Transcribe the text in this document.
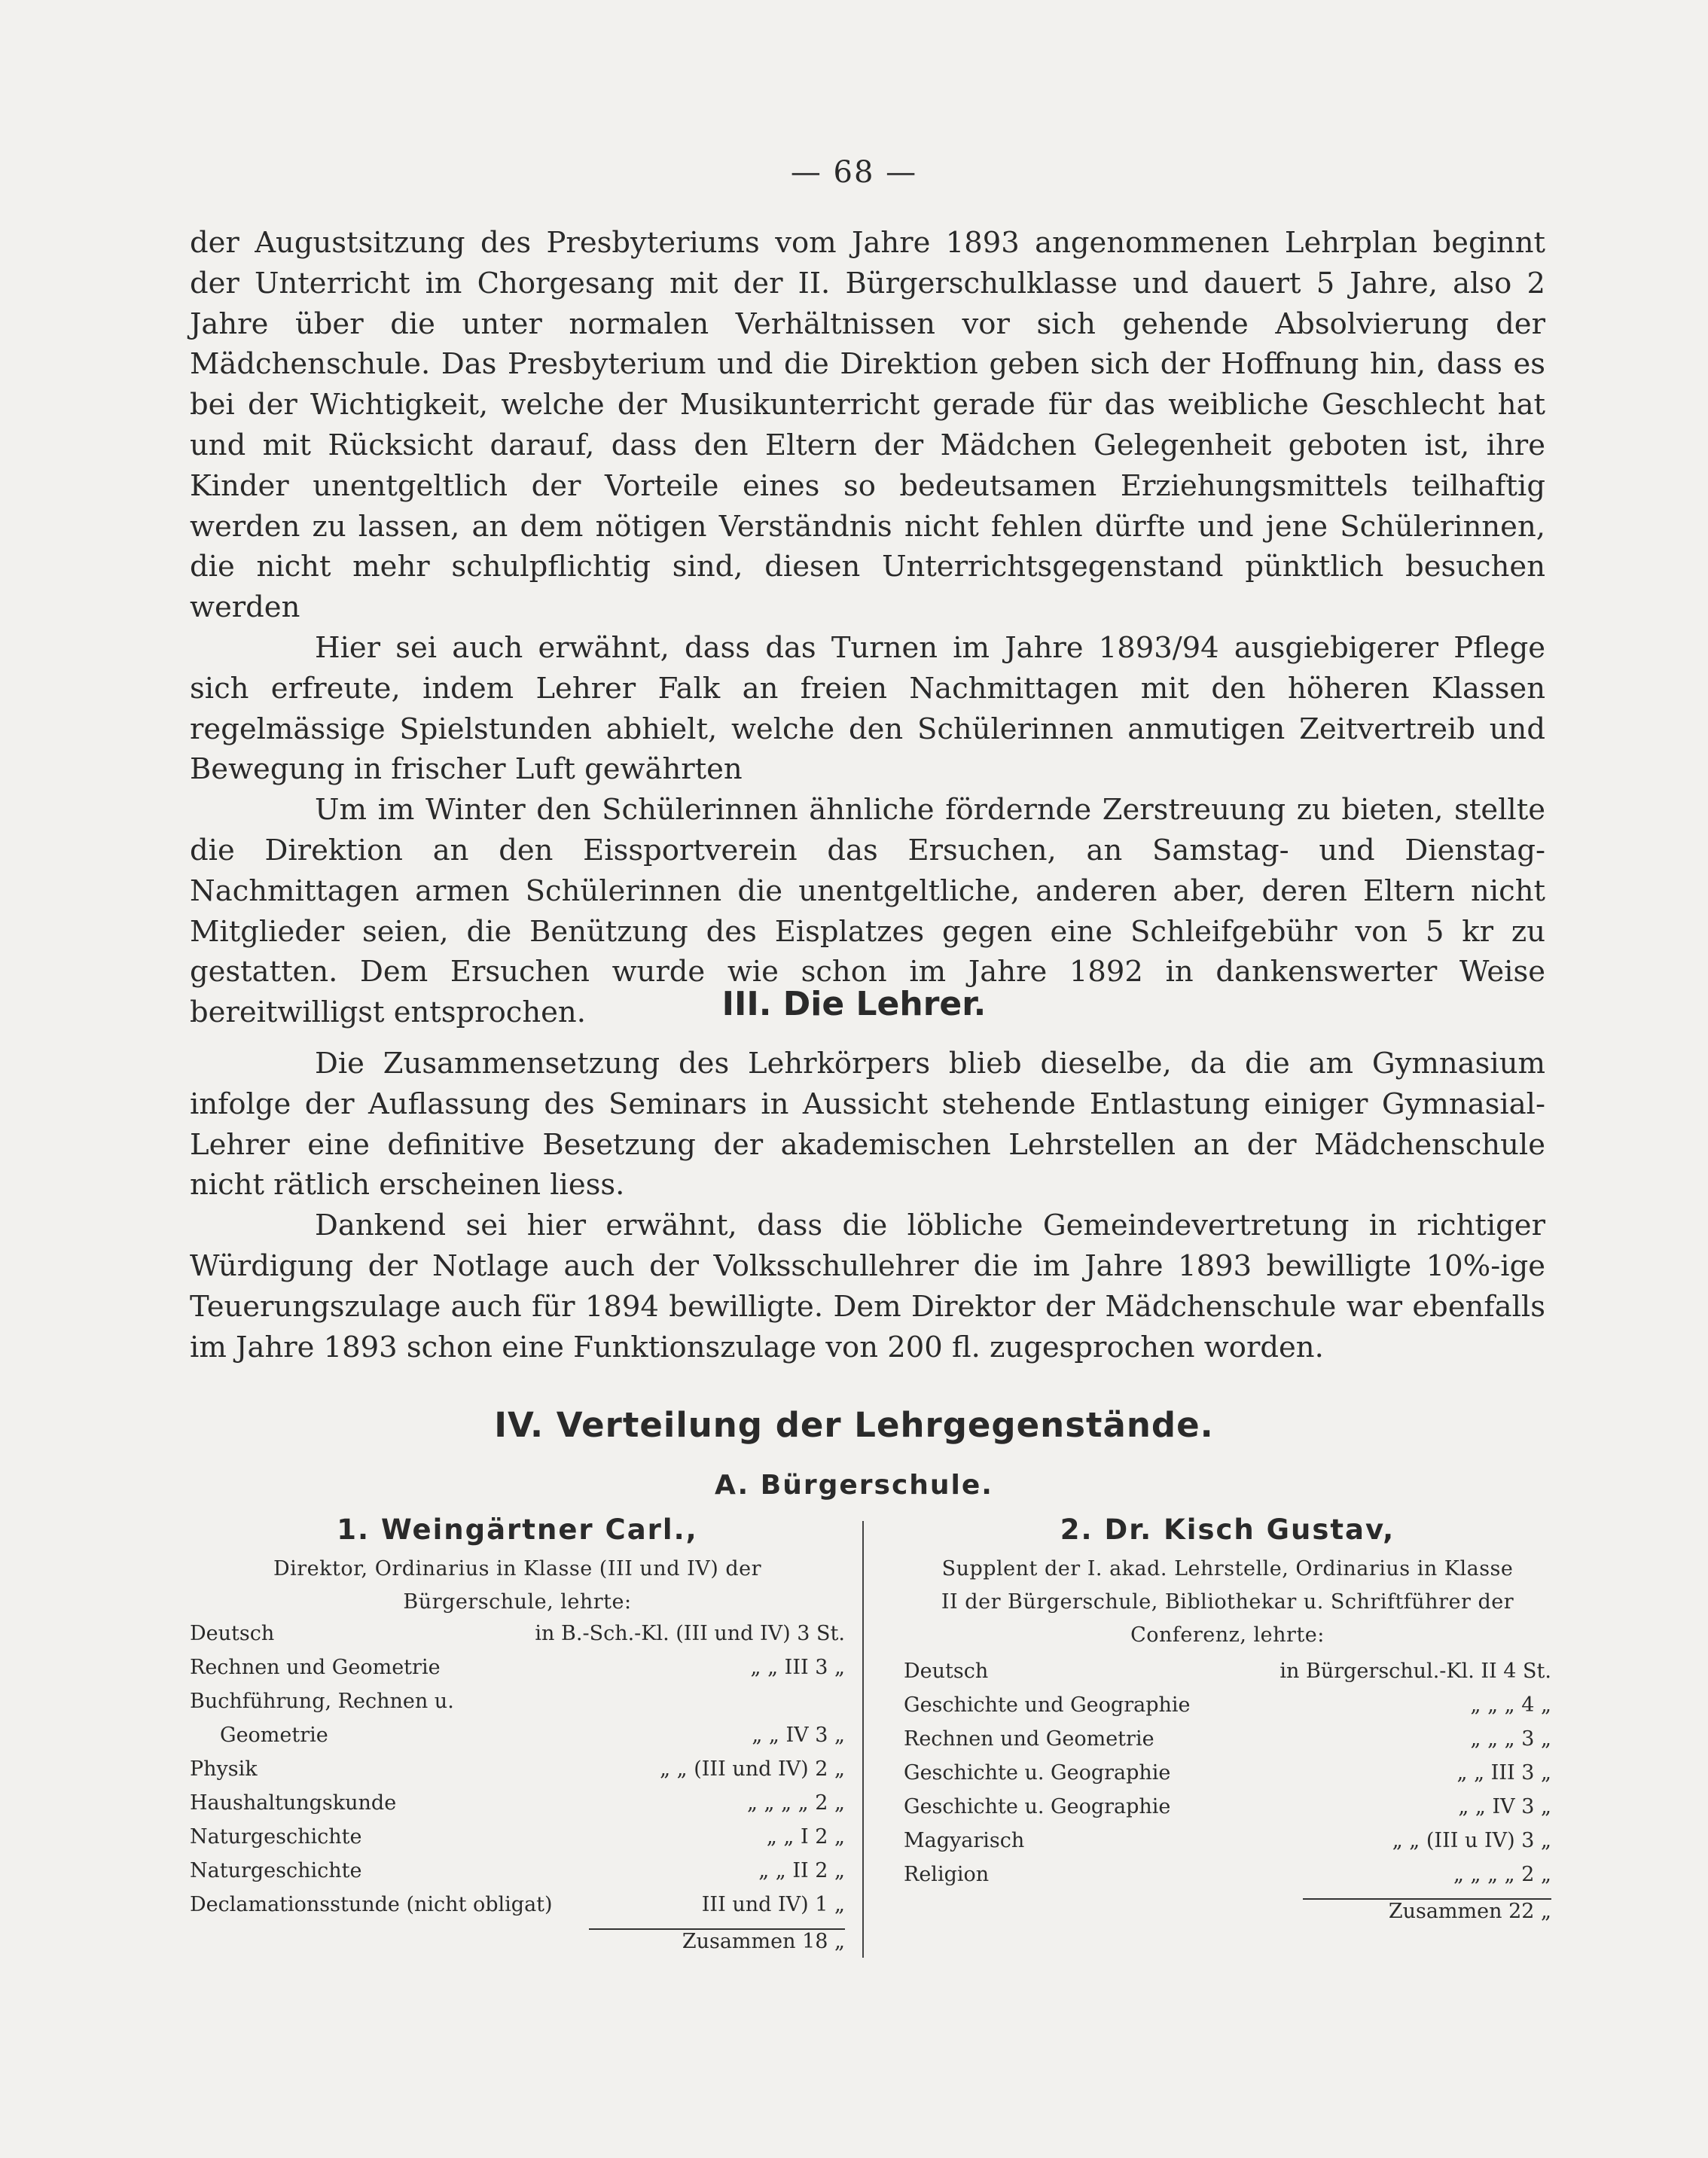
— 68 —

der Augustsitzung des Presbyteriums vom Jahre 1893 angenommenen Lehrplan beginnt der Unterricht im Chorgesang mit der II. Bürgerschulklasse und dauert 5 Jahre, also 2 Jahre über die unter normalen Verhältnissen vor sich gehende Absolvierung der Mädchenschule. Das Presbyterium und die Direktion geben sich der Hoffnung hin, dass es bei der Wichtigkeit, welche der Musikunterricht gerade für das weibliche Geschlecht hat und mit Rücksicht darauf, dass den Eltern der Mädchen Gelegenheit geboten ist, ihre Kinder unentgeltlich der Vorteile eines so bedeutsamen Erziehungsmittels teilhaftig werden zu lassen, an dem nötigen Verständnis nicht fehlen dürfte und jene Schülerinnen, die nicht mehr schulpflichtig sind, diesen Unterrichtsgegenstand pünktlich besuchen werden

Hier sei auch erwähnt, dass das Turnen im Jahre 1893/94 ausgiebigerer Pflege sich erfreute, indem Lehrer Falk an freien Nachmittagen mit den höheren Klassen regelmässige Spielstunden abhielt, welche den Schülerinnen anmutigen Zeitvertreib und Bewegung in frischer Luft gewährten

Um im Winter den Schülerinnen ähnliche fördernde Zerstreuung zu bieten, stellte die Direktion an den Eissportverein das Ersuchen, an Samstag- und Dienstag-Nachmittagen armen Schülerinnen die unentgeltliche, anderen aber, deren Eltern nicht Mitglieder seien, die Benützung des Eisplatzes gegen eine Schleifgebühr von 5 kr zu gestatten. Dem Ersuchen wurde wie schon im Jahre 1892 in dankenswerter Weise bereitwilligst entsprochen.	III. Die Lehrer.

Die Zusammensetzung des Lehrkörpers blieb dieselbe, da die am Gymnasium infolge der Auflassung des Seminars in Aussicht stehende Entlastung einiger Gymnasial-Lehrer eine definitive Besetzung der akademischen Lehrstellen an der Mädchenschule nicht rätlich erscheinen liess.

Dankend sei hier erwähnt, dass die löbliche Gemeindevertretung in richtiger Würdigung der Notlage auch der Volksschullehrer die im Jahre 1893 bewilligte 10%-ige Teuerungszulage auch für 1894 bewilligte. Dem Direktor der Mädchenschule war ebenfalls im Jahre 1893 schon eine Funktionszulage von 200 fl. zugesprochen worden.

IV. Verteilung der Lehrgegenstände.
A. Bürgerschule.
1. Weingärtner Carl.,
Direktor, Ordinarius in Klasse (III und IV) der
Bürgerschule, lehrte:
Deutsch	in B.-Sch.-Kl. (III und IV) 3 St.
Rechnen und Geometrie	„ „ III 3 „
Buchführung, Rechnen u.
Geometrie	„ „ IV 3 „
Physik	„ „ (III und IV) 2 „
Haushaltungskunde	„ „ „ „ 2 „
Naturgeschichte	„ „ I 2 „
Naturgeschichte	„ „ II 2 „
Declamationsstunde (nicht obligat)	III und IV) 1 „
Zusammen 18 „
2. Dr. Kisch Gustav,
Supplent der I. akad. Lehrstelle, Ordinarius in Klasse
II der Bürgerschule, Bibliothekar u. Schriftführer der
Conferenz, lehrte:
Deutsch	in Bürgerschul.-Kl. II 4 St.
Geschichte und Geographie	„ „ „ 4 „
Rechnen und Geometrie	„ „ „ 3 „
Geschichte u. Geographie	„ „ III 3 „
Geschichte u. Geographie	„ „ IV 3 „
Magyarisch	„ „ (III u IV) 3 „
Religion	„ „ „ „ 2 „
Zusammen 22 „
